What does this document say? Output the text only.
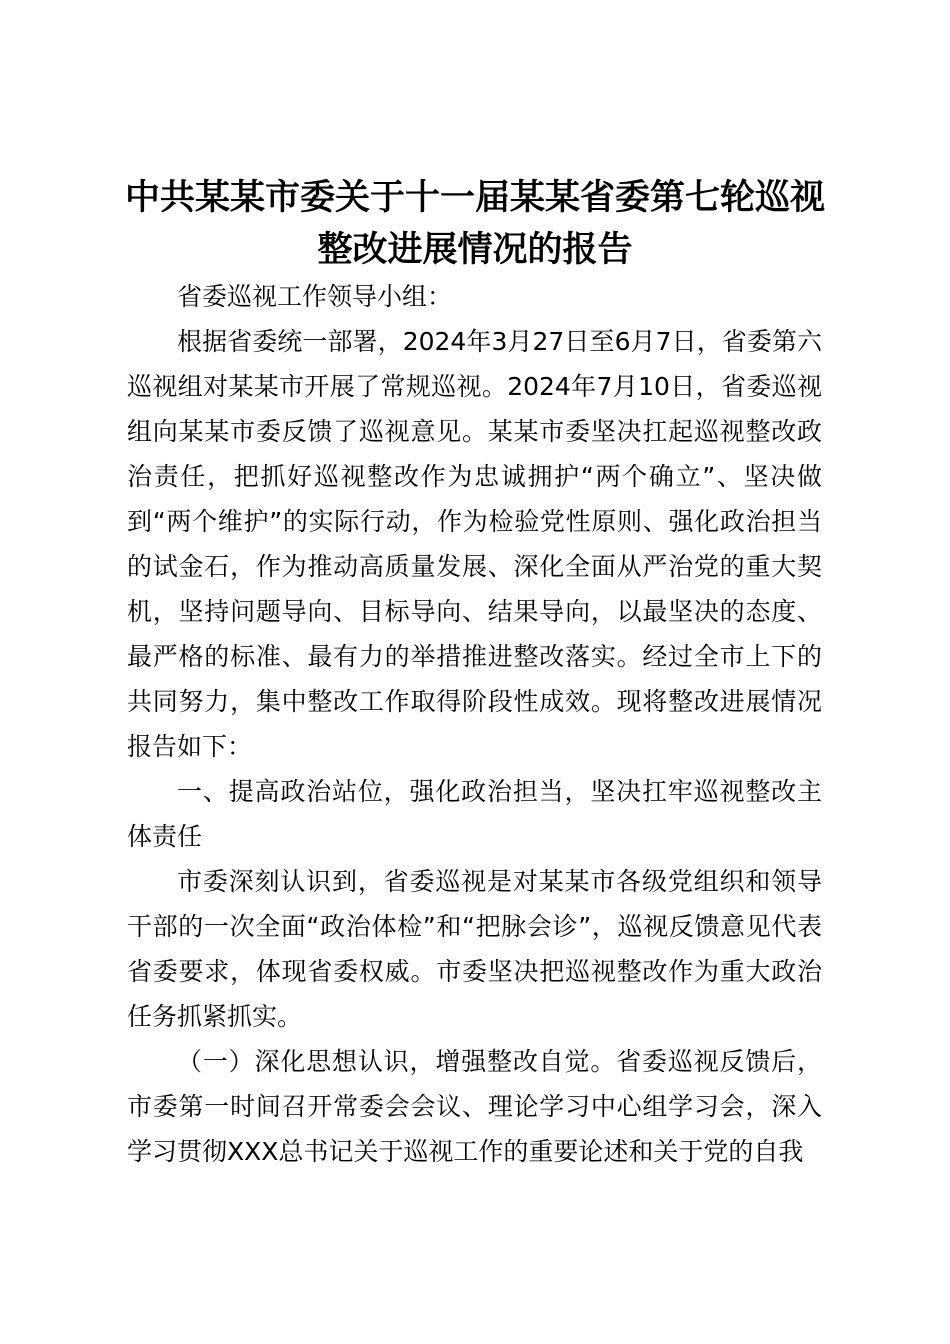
中共某某市委关于十一届某某省委第七轮巡视
整改进展情况的报告

省委巡视工作领导小组：

根据省委统一部署，2024年3月27日至6月7日，省委第六巡视组对某某市开展了常规巡视。2024年7月10日，省委巡视组向某某市委反馈了巡视意见。某某市委坚决扛起巡视整改政治责任，把抓好巡视整改作为忠诚拥护“两个确立”、坚决做到“两个维护”的实际行动，作为检验党性原则、强化政治担当的试金石，作为推动高质量发展、深化全面从严治党的重大契机，坚持问题导向、目标导向、结果导向，以最坚决的态度、最严格的标准、最有力的举措推进整改落实。经过全市上下的共同努力，集中整改工作取得阶段性成效。现将整改进展情况报告如下：

一、提高政治站位，强化政治担当，坚决扛牢巡视整改主体责任

市委深刻认识到，省委巡视是对某某市各级党组织和领导干部的一次全面“政治体检”和“把脉会诊”，巡视反馈意见代表省委要求，体现省委权威。市委坚决把巡视整改作为重大政治任务抓紧抓实。

（一）深化思想认识，增强整改自觉。省委巡视反馈后，市委第一时间召开常委会会议、理论学习中心组学习会，深入学习贯彻XXX总书记关于巡视工作的重要论述和关于党的自我
